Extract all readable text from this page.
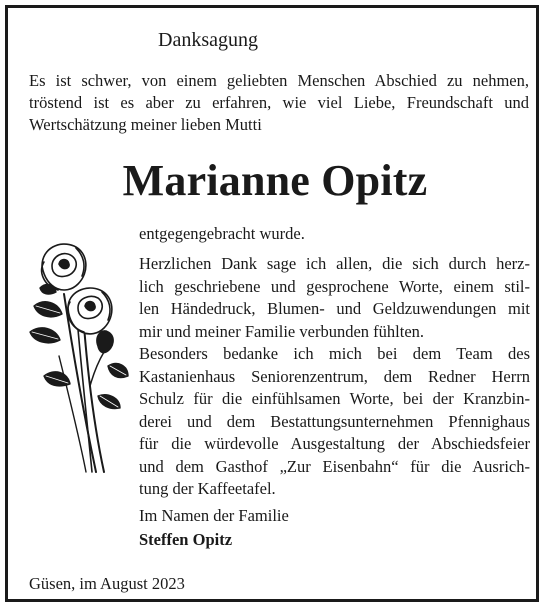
Danksagung
Es ist schwer, von einem geliebten Menschen Abschied zu nehmen,
tröstend ist es aber zu erfahren, wie viel Liebe, Freundschaft und
Wertschätzung meiner lieben Mutti
Marianne Opitz
entgegengebracht wurde.
Herzlichen Dank sage ich allen, die sich durch herz-
lich geschriebene und gesprochene Worte, einem stil-
len Händedruck, Blumen- und Geldzuwendungen mit
mir und meiner Familie verbunden fühlten.
Besonders bedanke ich mich bei dem Team des
Kastanienhaus Seniorenzentrum, dem Redner Herrn
Schulz für die einfühlsamen Worte, bei der Kranzbin-
derei und dem Bestattungsunternehmen Pfennighaus
für die würdevolle Ausgestaltung der Abschiedsfeier
und dem Gasthof „Zur Eisenbahn“ für die Ausrich-
tung der Kaffeetafel.
Im Namen der Familie
Steffen Opitz
Güsen, im August 2023
